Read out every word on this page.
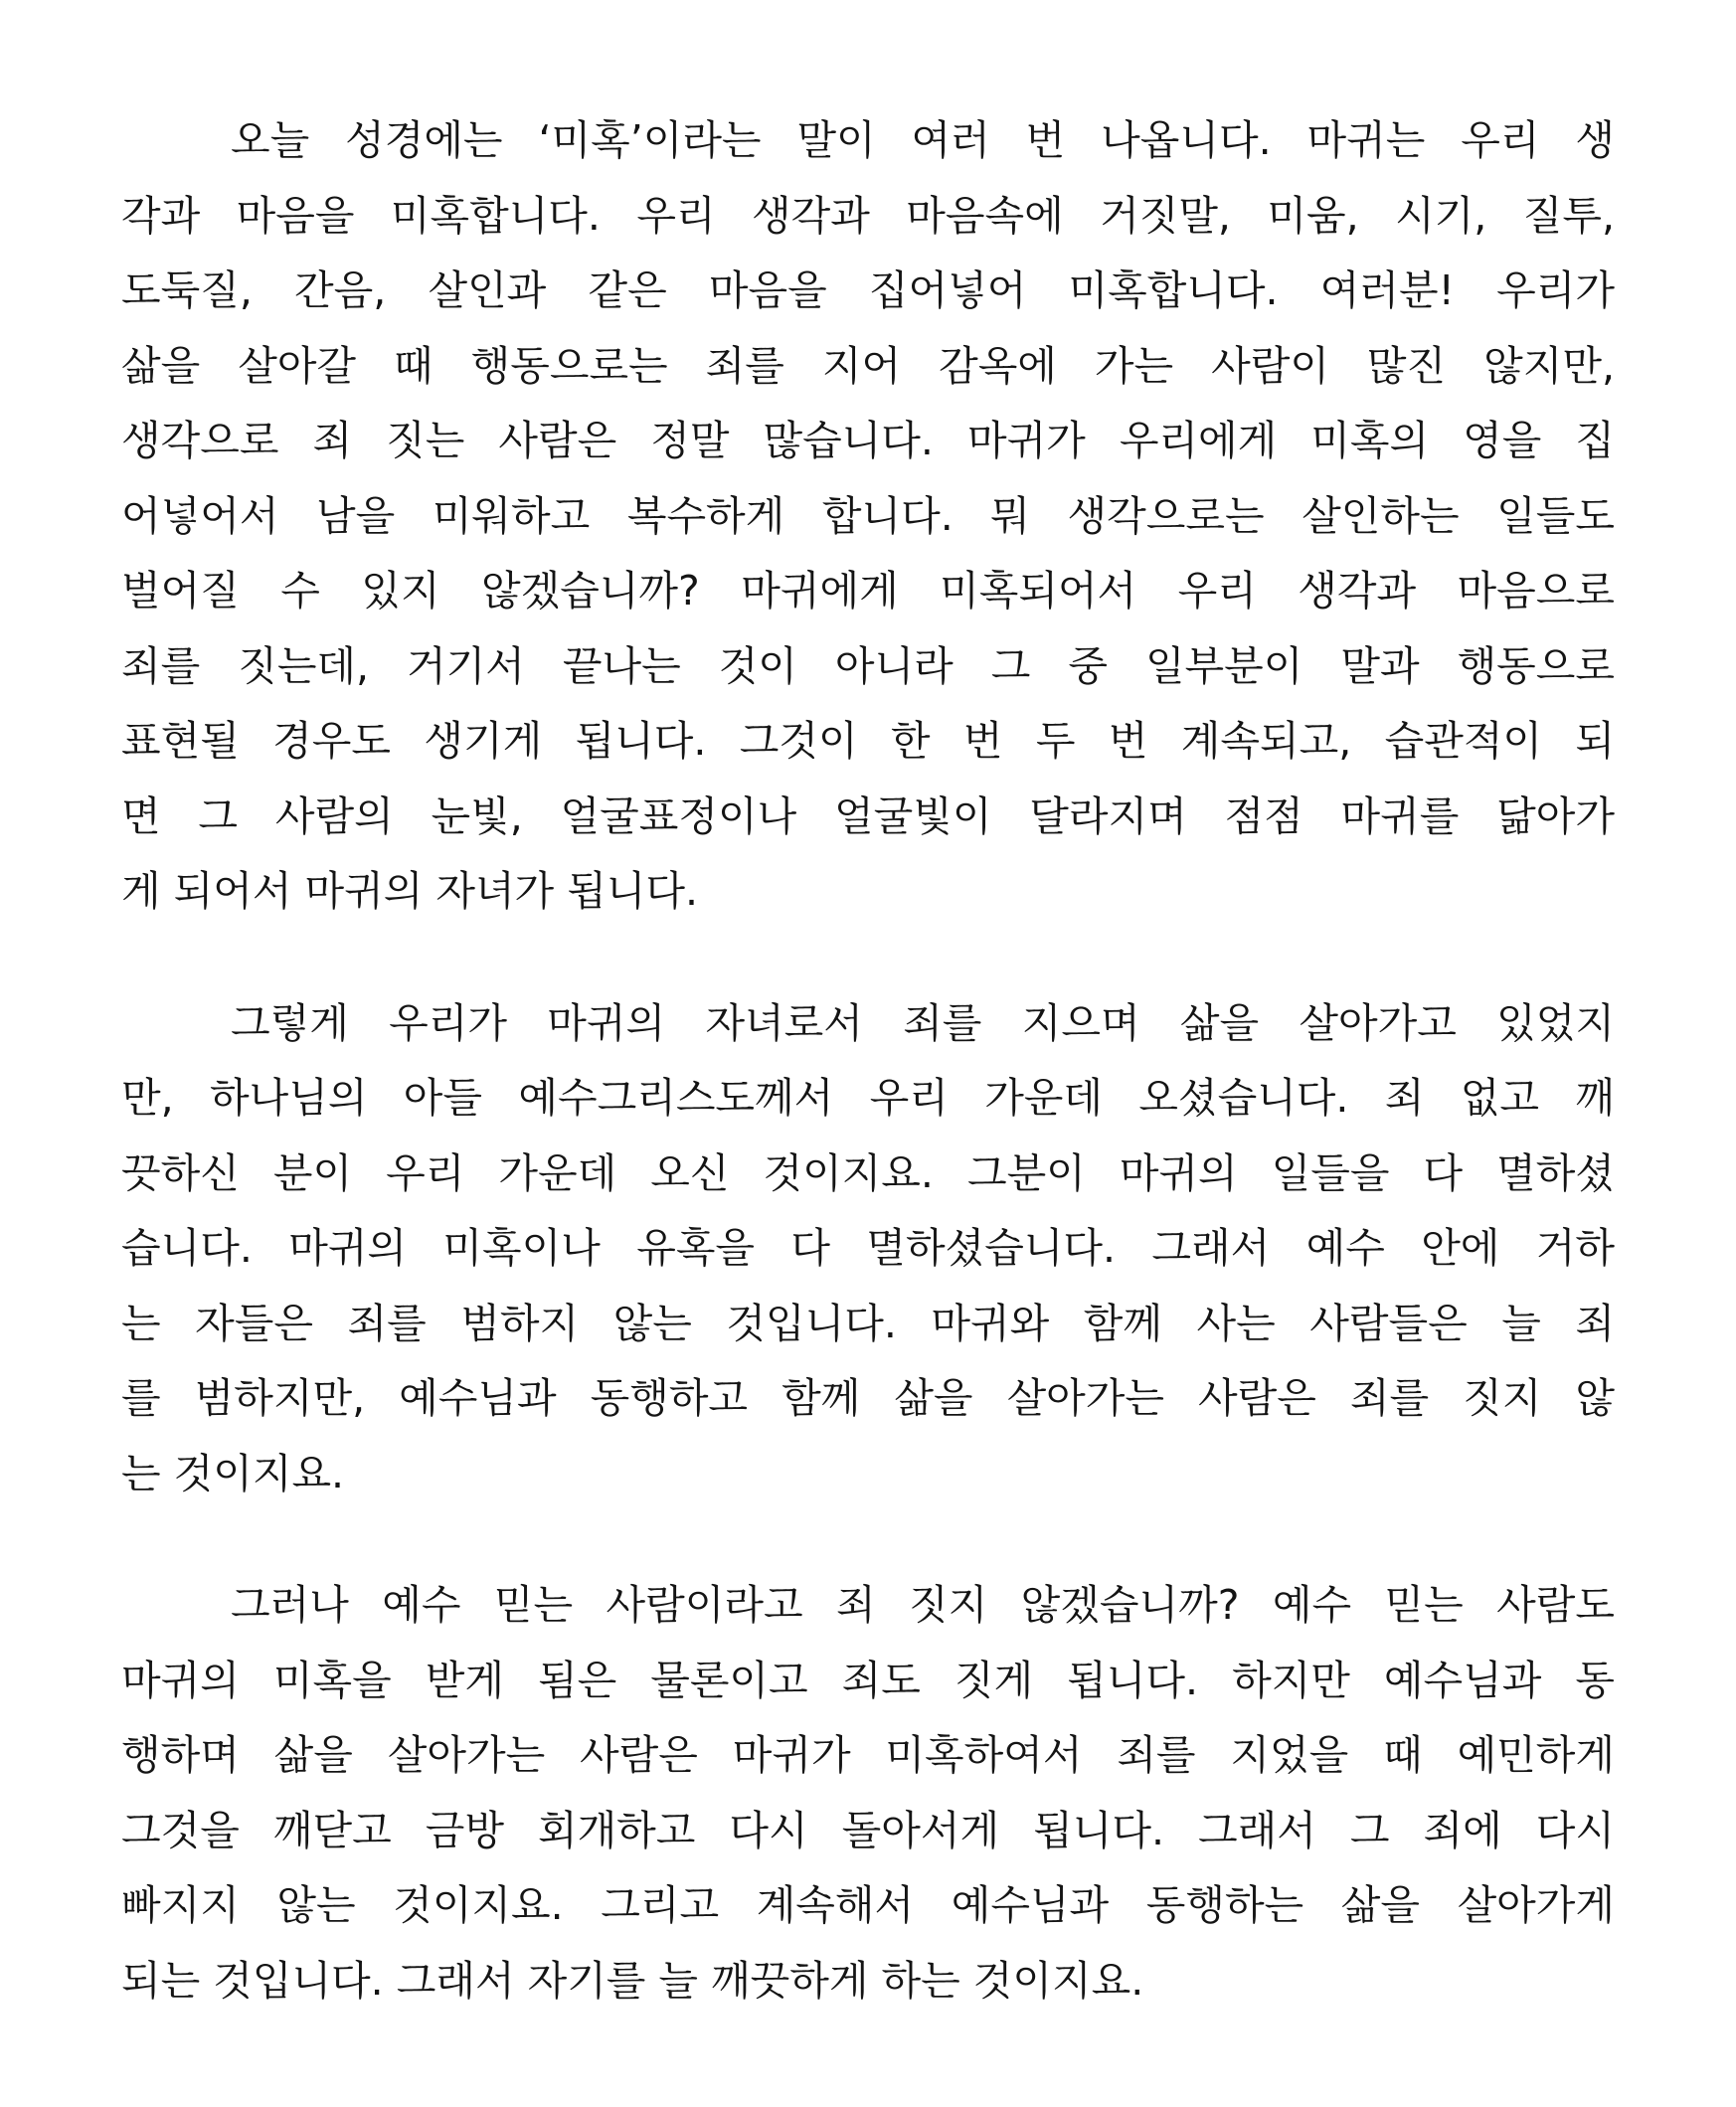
오늘 성경에는 ‘미혹’이라는 말이 여러 번 나옵니다. 마귀는 우리 생
각과 마음을 미혹합니다. 우리 생각과 마음속에 거짓말, 미움, 시기, 질투,
도둑질, 간음, 살인과 같은 마음을 집어넣어 미혹합니다. 여러분! 우리가
삶을 살아갈 때 행동으로는 죄를 지어 감옥에 가는 사람이 많진 않지만,
생각으로 죄 짓는 사람은 정말 많습니다. 마귀가 우리에게 미혹의 영을 집
어넣어서 남을 미워하고 복수하게 합니다. 뭐 생각으로는 살인하는 일들도
벌어질 수 있지 않겠습니까? 마귀에게 미혹되어서 우리 생각과 마음으로
죄를 짓는데, 거기서 끝나는 것이 아니라 그 중 일부분이 말과 행동으로
표현될 경우도 생기게 됩니다. 그것이 한 번 두 번 계속되고, 습관적이 되
면 그 사람의 눈빛, 얼굴표정이나 얼굴빛이 달라지며 점점 마귀를 닮아가
게 되어서 마귀의 자녀가 됩니다.
그렇게 우리가 마귀의 자녀로서 죄를 지으며 삶을 살아가고 있었지
만, 하나님의 아들 예수그리스도께서 우리 가운데 오셨습니다. 죄 없고 깨
끗하신 분이 우리 가운데 오신 것이지요. 그분이 마귀의 일들을 다 멸하셨
습니다. 마귀의 미혹이나 유혹을 다 멸하셨습니다. 그래서 예수 안에 거하
는 자들은 죄를 범하지 않는 것입니다. 마귀와 함께 사는 사람들은 늘 죄
를 범하지만, 예수님과 동행하고 함께 삶을 살아가는 사람은 죄를 짓지 않
는 것이지요.
그러나 예수 믿는 사람이라고 죄 짓지 않겠습니까? 예수 믿는 사람도
마귀의 미혹을 받게 됨은 물론이고 죄도 짓게 됩니다. 하지만 예수님과 동
행하며 삶을 살아가는 사람은 마귀가 미혹하여서 죄를 지었을 때 예민하게
그것을 깨닫고 금방 회개하고 다시 돌아서게 됩니다. 그래서 그 죄에 다시
빠지지 않는 것이지요. 그리고 계속해서 예수님과 동행하는 삶을 살아가게
되는 것입니다. 그래서 자기를 늘 깨끗하게 하는 것이지요.
